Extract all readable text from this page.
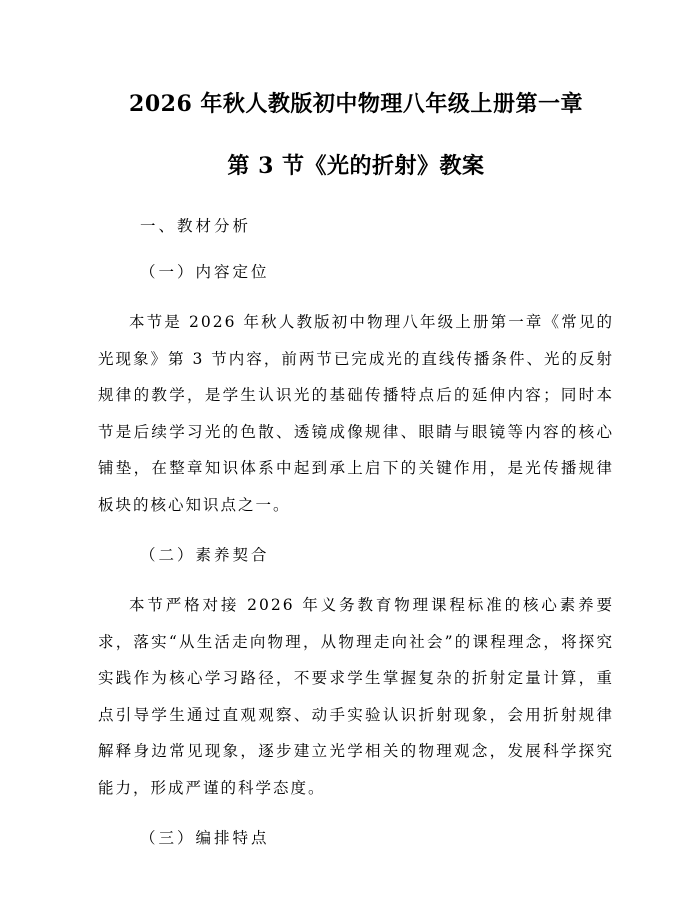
2026 年秋人教版初中物理八年级上册第一章
第 3 节《光的折射》教案

一、教材分析

（一）内容定位

本节是 2026 年秋人教版初中物理八年级上册第一章《常见的光现象》第 3 节内容，前两节已完成光的直线传播条件、光的反射规律的教学，是学生认识光的基础传播特点后的延伸内容；同时本节是后续学习光的色散、透镜成像规律、眼睛与眼镜等内容的核心铺垫，在整章知识体系中起到承上启下的关键作用，是光传播规律板块的核心知识点之一。

（二）素养契合

本节严格对接 2026 年义务教育物理课程标准的核心素养要求，落实“从生活走向物理，从物理走向社会”的课程理念，将探究实践作为核心学习路径，不要求学生掌握复杂的折射定量计算，重点引导学生通过直观观察、动手实验认识折射现象，会用折射规律解释身边常见现象，逐步建立光学相关的物理观念，发展科学探究能力，形成严谨的科学态度。

（三）编排特点
